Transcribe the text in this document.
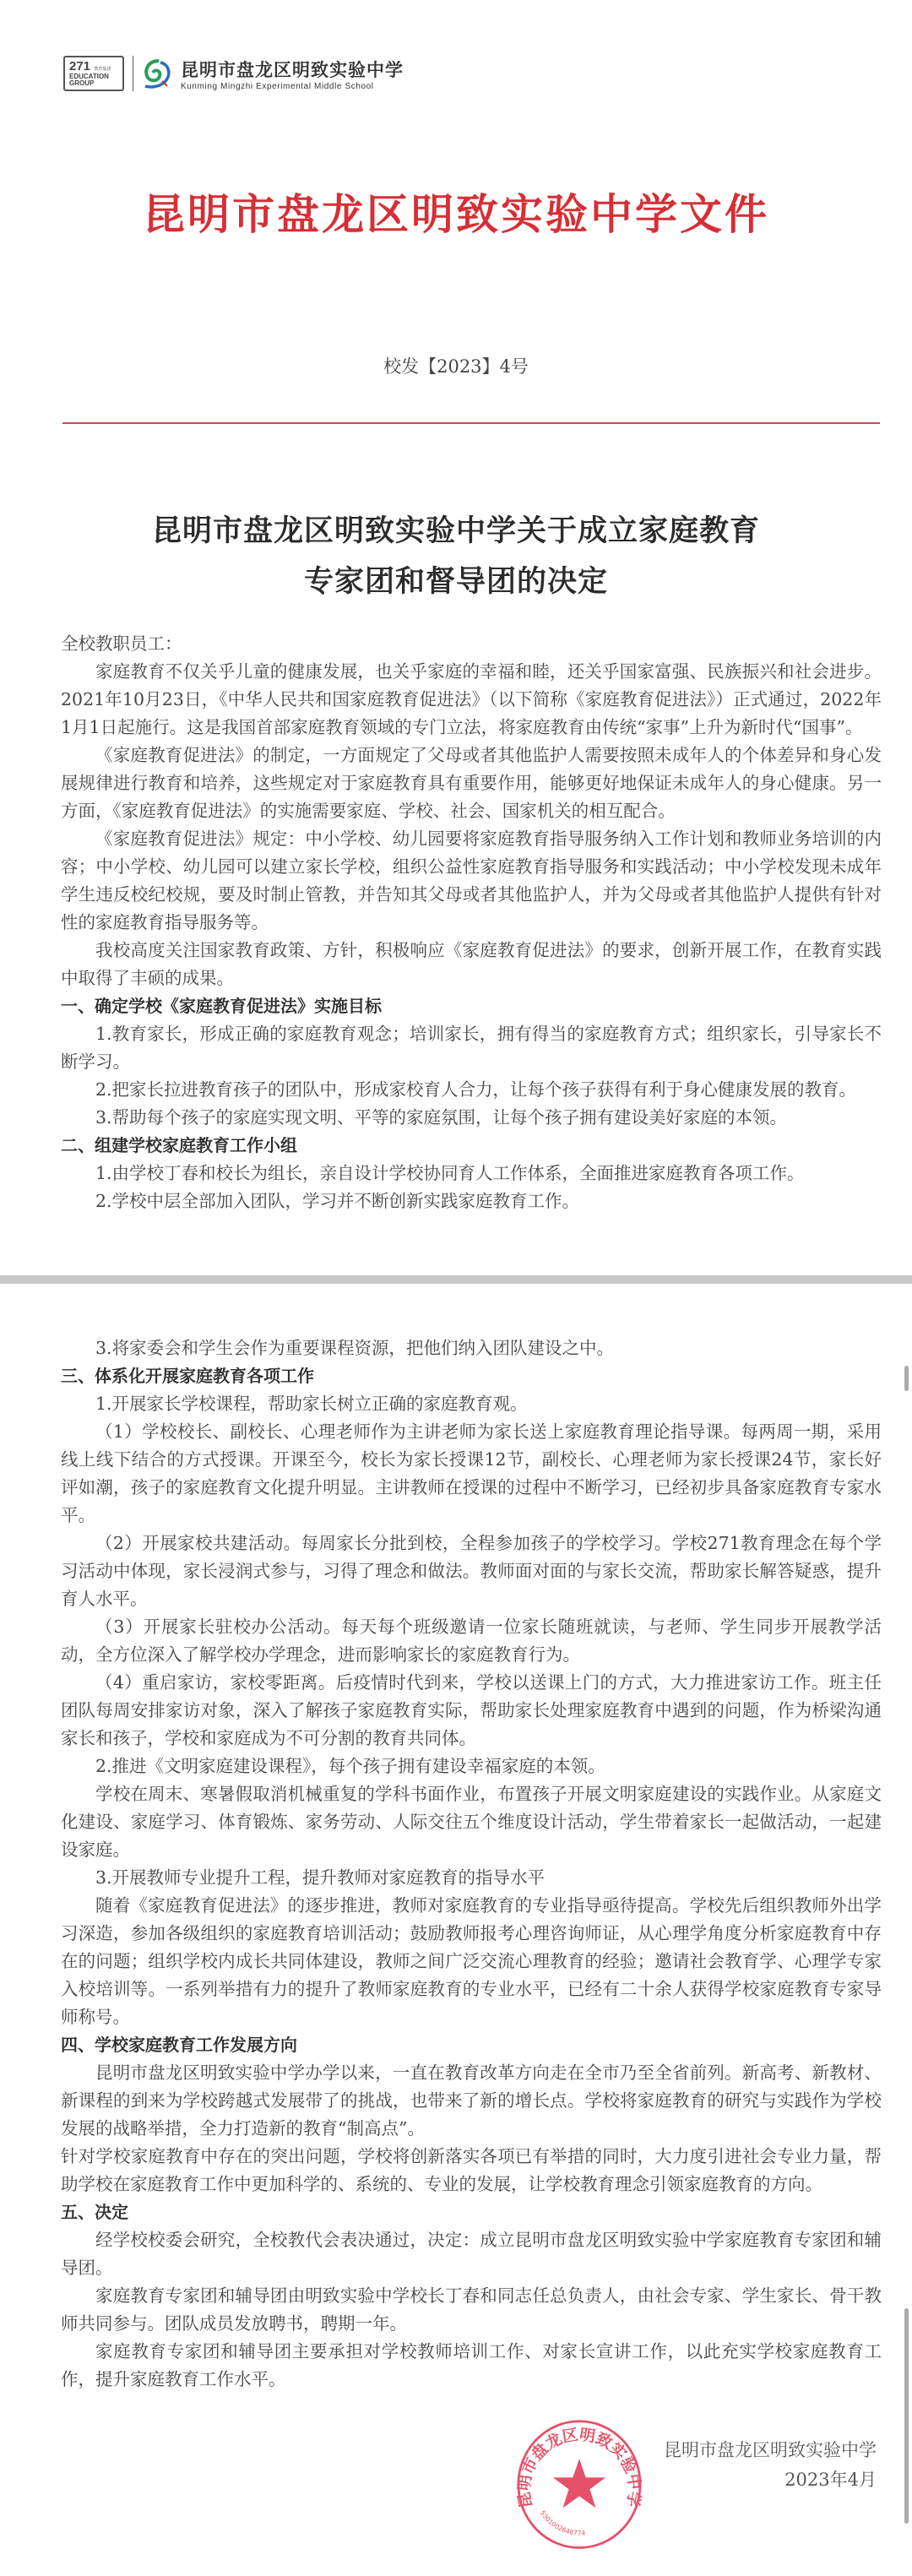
271 教育集团
EDUCATION
GROUP
昆明市盘龙区明致实验中学
Kunming Mingzhi Experimental Middle School
昆明市盘龙区明致实验中学文件
校发【2023】4号
昆明市盘龙区明致实验中学关于成立家庭教育
专家团和督导团的决定

全校教职员工：

家庭教育不仅关乎儿童的健康发展，也关乎家庭的幸福和睦，还关乎国家富强、民族振兴和社会进步。2021年10月23日，《中华人民共和国家庭教育促进法》（以下简称《家庭教育促进法》）正式通过，2022年1月1日起施行。这是我国首部家庭教育领域的专门立法，将家庭教育由传统“家事”上升为新时代“国事”。

《家庭教育促进法》的制定，一方面规定了父母或者其他监护人需要按照未成年人的个体差异和身心发展规律进行教育和培养，这些规定对于家庭教育具有重要作用，能够更好地保证未成年人的身心健康。另一方面，《家庭教育促进法》的实施需要家庭、学校、社会、国家机关的相互配合。

《家庭教育促进法》规定：中小学校、幼儿园要将家庭教育指导服务纳入工作计划和教师业务培训的内容；中小学校、幼儿园可以建立家长学校，组织公益性家庭教育指导服务和实践活动；中小学校发现未成年学生违反校纪校规，要及时制止管教，并告知其父母或者其他监护人，并为父母或者其他监护人提供有针对性的家庭教育指导服务等。

我校高度关注国家教育政策、方针，积极响应《家庭教育促进法》的要求，创新开展工作，在教育实践中取得了丰硕的成果。

一、确定学校《家庭教育促进法》实施目标

1.教育家长，形成正确的家庭教育观念；培训家长，拥有得当的家庭教育方式；组织家长，引导家长不断学习。

2.把家长拉进教育孩子的团队中，形成家校育人合力，让每个孩子获得有利于身心健康发展的教育。

3.帮助每个孩子的家庭实现文明、平等的家庭氛围，让每个孩子拥有建设美好家庭的本领。

二、组建学校家庭教育工作小组

1.由学校丁春和校长为组长，亲自设计学校协同育人工作体系，全面推进家庭教育各项工作。

2.学校中层全部加入团队，学习并不断创新实践家庭教育工作。

3.将家委会和学生会作为重要课程资源，把他们纳入团队建设之中。

三、体系化开展家庭教育各项工作

1.开展家长学校课程，帮助家长树立正确的家庭教育观。

（1）学校校长、副校长、心理老师作为主讲老师为家长送上家庭教育理论指导课。每两周一期，采用线上线下结合的方式授课。开课至今，校长为家长授课12节，副校长、心理老师为家长授课24节，家长好评如潮，孩子的家庭教育文化提升明显。主讲教师在授课的过程中不断学习，已经初步具备家庭教育专家水平。

（2）开展家校共建活动。每周家长分批到校，全程参加孩子的学校学习。学校271教育理念在每个学习活动中体现，家长浸润式参与，习得了理念和做法。教师面对面的与家长交流，帮助家长解答疑惑，提升育人水平。

（3）开展家长驻校办公活动。每天每个班级邀请一位家长随班就读，与老师、学生同步开展教学活动，全方位深入了解学校办学理念，进而影响家长的家庭教育行为。

（4）重启家访，家校零距离。后疫情时代到来，学校以送课上门的方式，大力推进家访工作。班主任团队每周安排家访对象，深入了解孩子家庭教育实际，帮助家长处理家庭教育中遇到的问题，作为桥梁沟通家长和孩子，学校和家庭成为不可分割的教育共同体。

2.推进《文明家庭建设课程》，每个孩子拥有建设幸福家庭的本领。

学校在周末、寒暑假取消机械重复的学科书面作业，布置孩子开展文明家庭建设的实践作业。从家庭文化建设、家庭学习、体育锻炼、家务劳动、人际交往五个维度设计活动，学生带着家长一起做活动，一起建设家庭。

3.开展教师专业提升工程，提升教师对家庭教育的指导水平

随着《家庭教育促进法》的逐步推进，教师对家庭教育的专业指导亟待提高。学校先后组织教师外出学习深造，参加各级组织的家庭教育培训活动；鼓励教师报考心理咨询师证，从心理学角度分析家庭教育中存在的问题；组织学校内成长共同体建设，教师之间广泛交流心理教育的经验；邀请社会教育学、心理学专家入校培训等。一系列举措有力的提升了教师家庭教育的专业水平，已经有二十余人获得学校家庭教育专家导师称号。

四、学校家庭教育工作发展方向

昆明市盘龙区明致实验中学办学以来，一直在教育改革方向走在全市乃至全省前列。新高考、新教材、新课程的到来为学校跨越式发展带了的挑战，也带来了新的增长点。学校将家庭教育的研究与实践作为学校发展的战略举措，全力打造新的教育“制高点”。

针对学校家庭教育中存在的突出问题，学校将创新落实各项已有举措的同时，大力度引进社会专业力量，帮助学校在家庭教育工作中更加科学的、系统的、专业的发展，让学校教育理念引领家庭教育的方向。

五、决定

经学校校委会研究，全校教代会表决通过，决定：成立昆明市盘龙区明致实验中学家庭教育专家团和辅导团。

家庭教育专家团和辅导团由明致实验中学校长丁春和同志任总负责人，由社会专家、学生家长、骨干教师共同参与。团队成员发放聘书，聘期一年。

家庭教育专家团和辅导团主要承担对学校教师培训工作、对家长宣讲工作，以此充实学校家庭教育工作，提升家庭教育工作水平。

昆明市盘龙区明致实验中学
5301002648774
昆明市盘龙区明致实验中学
2023年4月
